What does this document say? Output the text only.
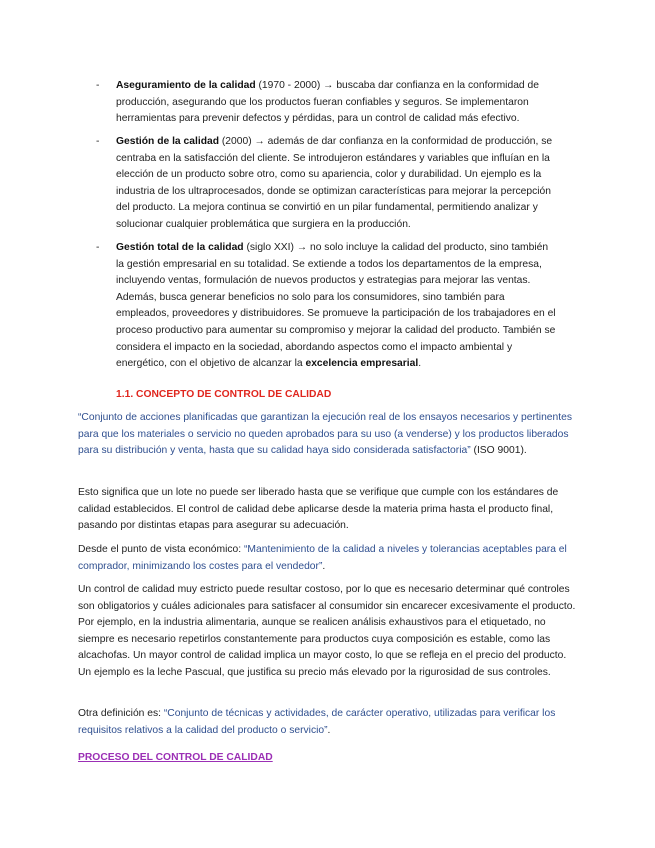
- Aseguramiento de la calidad (1970 - 2000) → buscaba dar confianza en la conformidad de producción, asegurando que los productos fueran confiables y seguros. Se implementaron herramientas para prevenir defectos y pérdidas, para un control de calidad más efectivo.
- Gestión de la calidad (2000) → además de dar confianza en la conformidad de producción, se centraba en la satisfacción del cliente. Se introdujeron estándares y variables que influían en la elección de un producto sobre otro, como su apariencia, color y durabilidad. Un ejemplo es la industria de los ultraprocesados, donde se optimizan características para mejorar la percepción del producto. La mejora continua se convirtió en un pilar fundamental, permitiendo analizar y solucionar cualquier problemática que surgiera en la producción.
- Gestión total de la calidad (siglo XXI) → no solo incluye la calidad del producto, sino también la gestión empresarial en su totalidad. Se extiende a todos los departamentos de la empresa, incluyendo ventas, formulación de nuevos productos y estrategias para mejorar las ventas. Además, busca generar beneficios no solo para los consumidores, sino también para empleados, proveedores y distribuidores. Se promueve la participación de los trabajadores en el proceso productivo para aumentar su compromiso y mejorar la calidad del producto. También se considera el impacto en la sociedad, abordando aspectos como el impacto ambiental y energético, con el objetivo de alcanzar la excelencia empresarial.
1.1. CONCEPTO DE CONTROL DE CALIDAD
“Conjunto de acciones planificadas que garantizan la ejecución real de los ensayos necesarios y pertinentes para que los materiales o servicio no queden aprobados para su uso (a venderse) y los productos liberados para su distribución y venta, hasta que su calidad haya sido considerada satisfactoria” (ISO 9001).
Esto significa que un lote no puede ser liberado hasta que se verifique que cumple con los estándares de calidad establecidos. El control de calidad debe aplicarse desde la materia prima hasta el producto final, pasando por distintas etapas para asegurar su adecuación.
Desde el punto de vista económico: “Mantenimiento de la calidad a niveles y tolerancias aceptables para el comprador, minimizando los costes para el vendedor”.
Un control de calidad muy estricto puede resultar costoso, por lo que es necesario determinar qué controles son obligatorios y cuáles adicionales para satisfacer al consumidor sin encarecer excesivamente el producto. Por ejemplo, en la industria alimentaria, aunque se realicen análisis exhaustivos para el etiquetado, no siempre es necesario repetirlos constantemente para productos cuya composición es estable, como las alcachofas. Un mayor control de calidad implica un mayor costo, lo que se refleja en el precio del producto. Un ejemplo es la leche Pascual, que justifica su precio más elevado por la rigurosidad de sus controles.
Otra definición es: “Conjunto de técnicas y actividades, de carácter operativo, utilizadas para verificar los requisitos relativos a la calidad del producto o servicio”.
PROCESO DEL CONTROL DE CALIDAD
